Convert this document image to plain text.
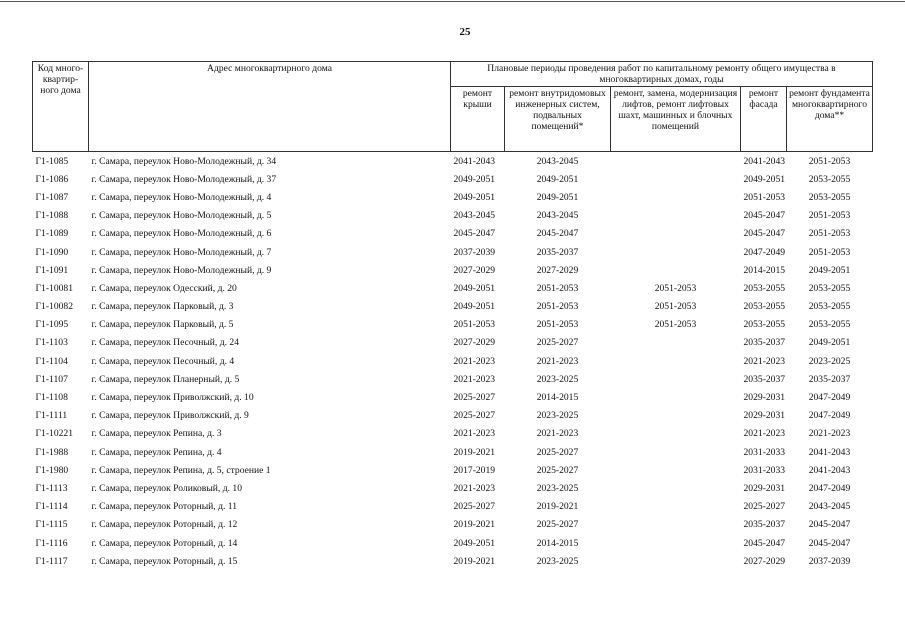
25
Код много-квартир-ного дома	Адрес многоквартирного дома	Плановые периоды проведения работ по капитальному ремонту общего имущества в многоквартирных домах, годы				
		ремонт крыши	ремонт внутридомовых инженерных систем, подвальных помещений*	ремонт, замена, модернизация лифтов, ремонт лифтовых шахт, машинных и блочных помещений	ремонт фасада	ремонт фундамента многоквартирного дома**
Г1-1085	г. Самара, переулок Ново-Молодежный, д. 34	2041-2043	2043-2045		2041-2043	2051-2053
Г1-1086	г. Самара, переулок Ново-Молодежный, д. 37	2049-2051	2049-2051		2049-2051	2053-2055
Г1-1087	г. Самара, переулок Ново-Молодежный, д. 4	2049-2051	2049-2051		2051-2053	2053-2055
Г1-1088	г. Самара, переулок Ново-Молодежный, д. 5	2043-2045	2043-2045		2045-2047	2051-2053
Г1-1089	г. Самара, переулок Ново-Молодежный, д. 6	2045-2047	2045-2047		2045-2047	2051-2053
Г1-1090	г. Самара, переулок Ново-Молодежный, д. 7	2037-2039	2035-2037		2047-2049	2051-2053
Г1-1091	г. Самара, переулок Ново-Молодежный, д. 9	2027-2029	2027-2029		2014-2015	2049-2051
Г1-10081	г. Самара, переулок Одесский, д. 20	2049-2051	2051-2053	2051-2053	2053-2055	2053-2055
Г1-10082	г. Самара, переулок Парковый, д. 3	2049-2051	2051-2053	2051-2053	2053-2055	2053-2055
Г1-1095	г. Самара, переулок Парковый, д. 5	2051-2053	2051-2053	2051-2053	2053-2055	2053-2055
Г1-1103	г. Самара, переулок Песочный, д. 24	2027-2029	2025-2027		2035-2037	2049-2051
Г1-1104	г. Самара, переулок Песочный, д. 4	2021-2023	2021-2023		2021-2023	2023-2025
Г1-1107	г. Самара, переулок Планерный, д. 5	2021-2023	2023-2025		2035-2037	2035-2037
Г1-1108	г. Самара, переулок Приволжский, д. 10	2025-2027	2014-2015		2029-2031	2047-2049
Г1-1111	г. Самара, переулок Приволжский, д. 9	2025-2027	2023-2025		2029-2031	2047-2049
Г1-10221	г. Самара, переулок Репина, д. 3	2021-2023	2021-2023		2021-2023	2021-2023
Г1-1988	г. Самара, переулок Репина, д. 4	2019-2021	2025-2027		2031-2033	2041-2043
Г1-1980	г. Самара, переулок Репина, д. 5, строение 1	2017-2019	2025-2027		2031-2033	2041-2043
Г1-1113	г. Самара, переулок Роликовый, д. 10	2021-2023	2023-2025		2029-2031	2047-2049
Г1-1114	г. Самара, переулок Роторный, д. 11	2025-2027	2019-2021		2025-2027	2043-2045
Г1-1115	г. Самара, переулок Роторный, д. 12	2019-2021	2025-2027		2035-2037	2045-2047
Г1-1116	г. Самара, переулок Роторный, д. 14	2049-2051	2014-2015		2045-2047	2045-2047
Г1-1117	г. Самара, переулок Роторный, д. 15	2019-2021	2023-2025		2027-2029	2037-2039
